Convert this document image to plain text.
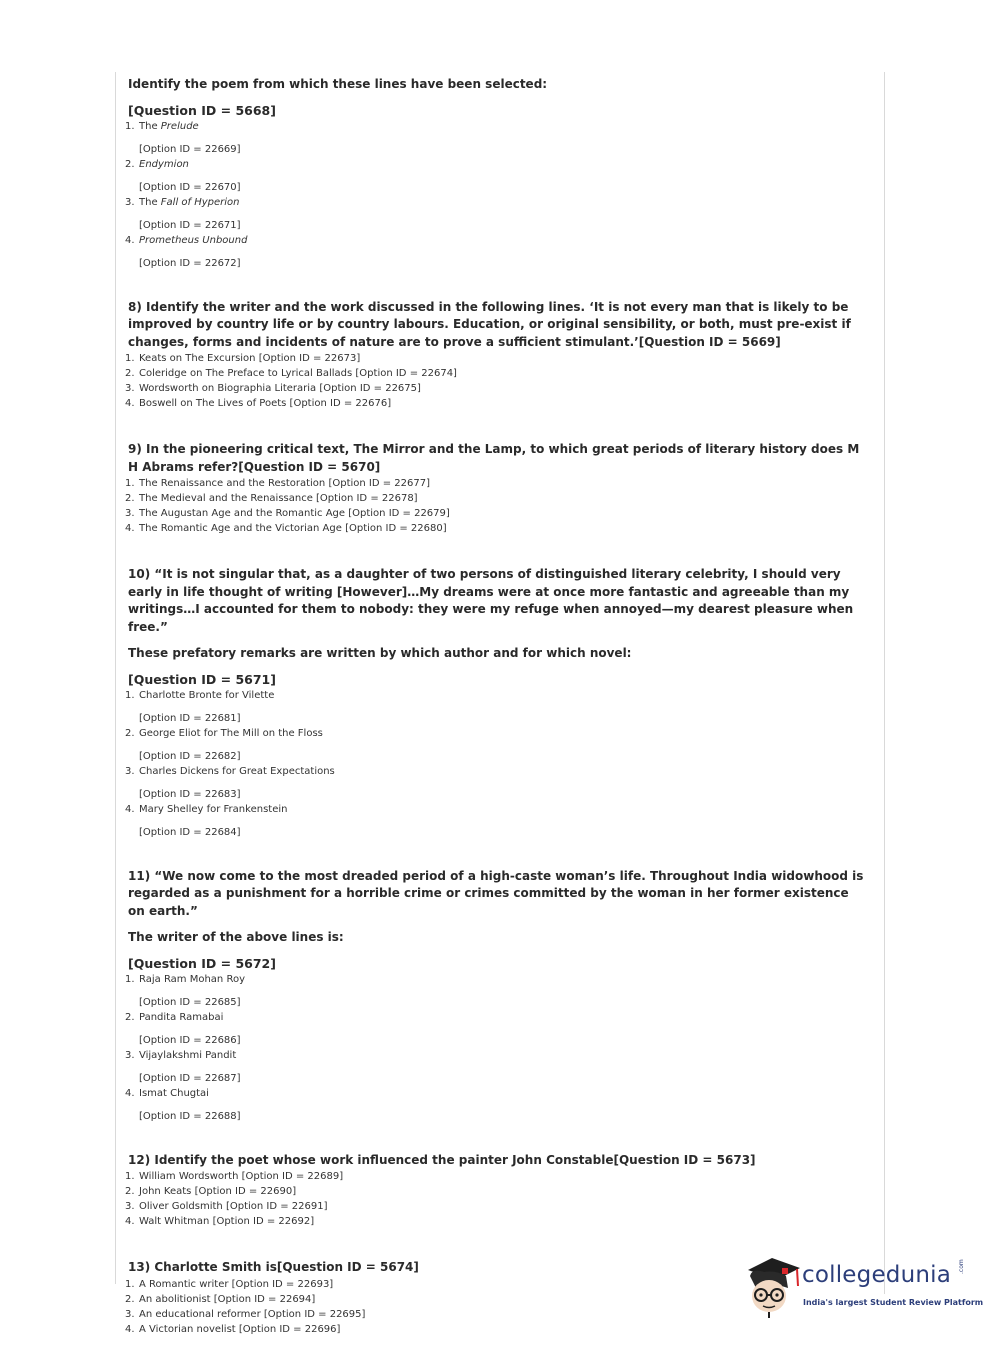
Identify the poem from which these lines have been selected:
[Question ID = 5668]
1. The Prelude
[Option ID = 22669]
2. Endymion
[Option ID = 22670]
3. The Fall of Hyperion
[Option ID = 22671]
4. Prometheus Unbound
[Option ID = 22672]
8) Identify the writer and the work discussed in the following lines. ‘It is not every man that is likely to be improved by country life or by country labours. Education, or original sensibility, or both, must pre-exist if changes, forms and incidents of nature are to prove a sufficient stimulant.’[Question ID = 5669]
1. Keats on The Excursion [Option ID = 22673]
2. Coleridge on The Preface to Lyrical Ballads [Option ID = 22674]
3. Wordsworth on Biographia Literaria [Option ID = 22675]
4. Boswell on The Lives of Poets [Option ID = 22676]
9) In the pioneering critical text, The Mirror and the Lamp, to which great periods of literary history does M H Abrams refer?[Question ID = 5670]
1. The Renaissance and the Restoration [Option ID = 22677]
2. The Medieval and the Renaissance [Option ID = 22678]
3. The Augustan Age and the Romantic Age [Option ID = 22679]
4. The Romantic Age and the Victorian Age [Option ID = 22680]
10) “It is not singular that, as a daughter of two persons of distinguished literary celebrity, I should very early in life thought of writing [However]…My dreams were at once more fantastic and agreeable than my writings…I accounted for them to nobody: they were my refuge when annoyed—my dearest pleasure when free.”
These prefatory remarks are written by which author and for which novel:
[Question ID = 5671]
1. Charlotte Bronte for Vilette
[Option ID = 22681]
2. George Eliot for The Mill on the Floss
[Option ID = 22682]
3. Charles Dickens for Great Expectations
[Option ID = 22683]
4. Mary Shelley for Frankenstein
[Option ID = 22684]
11) “We now come to the most dreaded period of a high-caste woman’s life. Throughout India widowhood is regarded as a punishment for a horrible crime or crimes committed by the woman in her former existence on earth.”
The writer of the above lines is:
[Question ID = 5672]
1. Raja Ram Mohan Roy
[Option ID = 22685]
2. Pandita Ramabai
[Option ID = 22686]
3. Vijaylakshmi Pandit
[Option ID = 22687]
4. Ismat Chugtai
[Option ID = 22688]
12) Identify the poet whose work influenced the painter John Constable[Question ID = 5673]
1. William Wordsworth [Option ID = 22689]
2. John Keats [Option ID = 22690]
3. Oliver Goldsmith [Option ID = 22691]
4. Walt Whitman [Option ID = 22692]
13) Charlotte Smith is[Question ID = 5674]
1. A Romantic writer [Option ID = 22693]
2. An abolitionist [Option ID = 22694]
3. An educational reformer [Option ID = 22695]
4. A Victorian novelist [Option ID = 22696]
collegedunia .com
India's largest Student Review Platform
